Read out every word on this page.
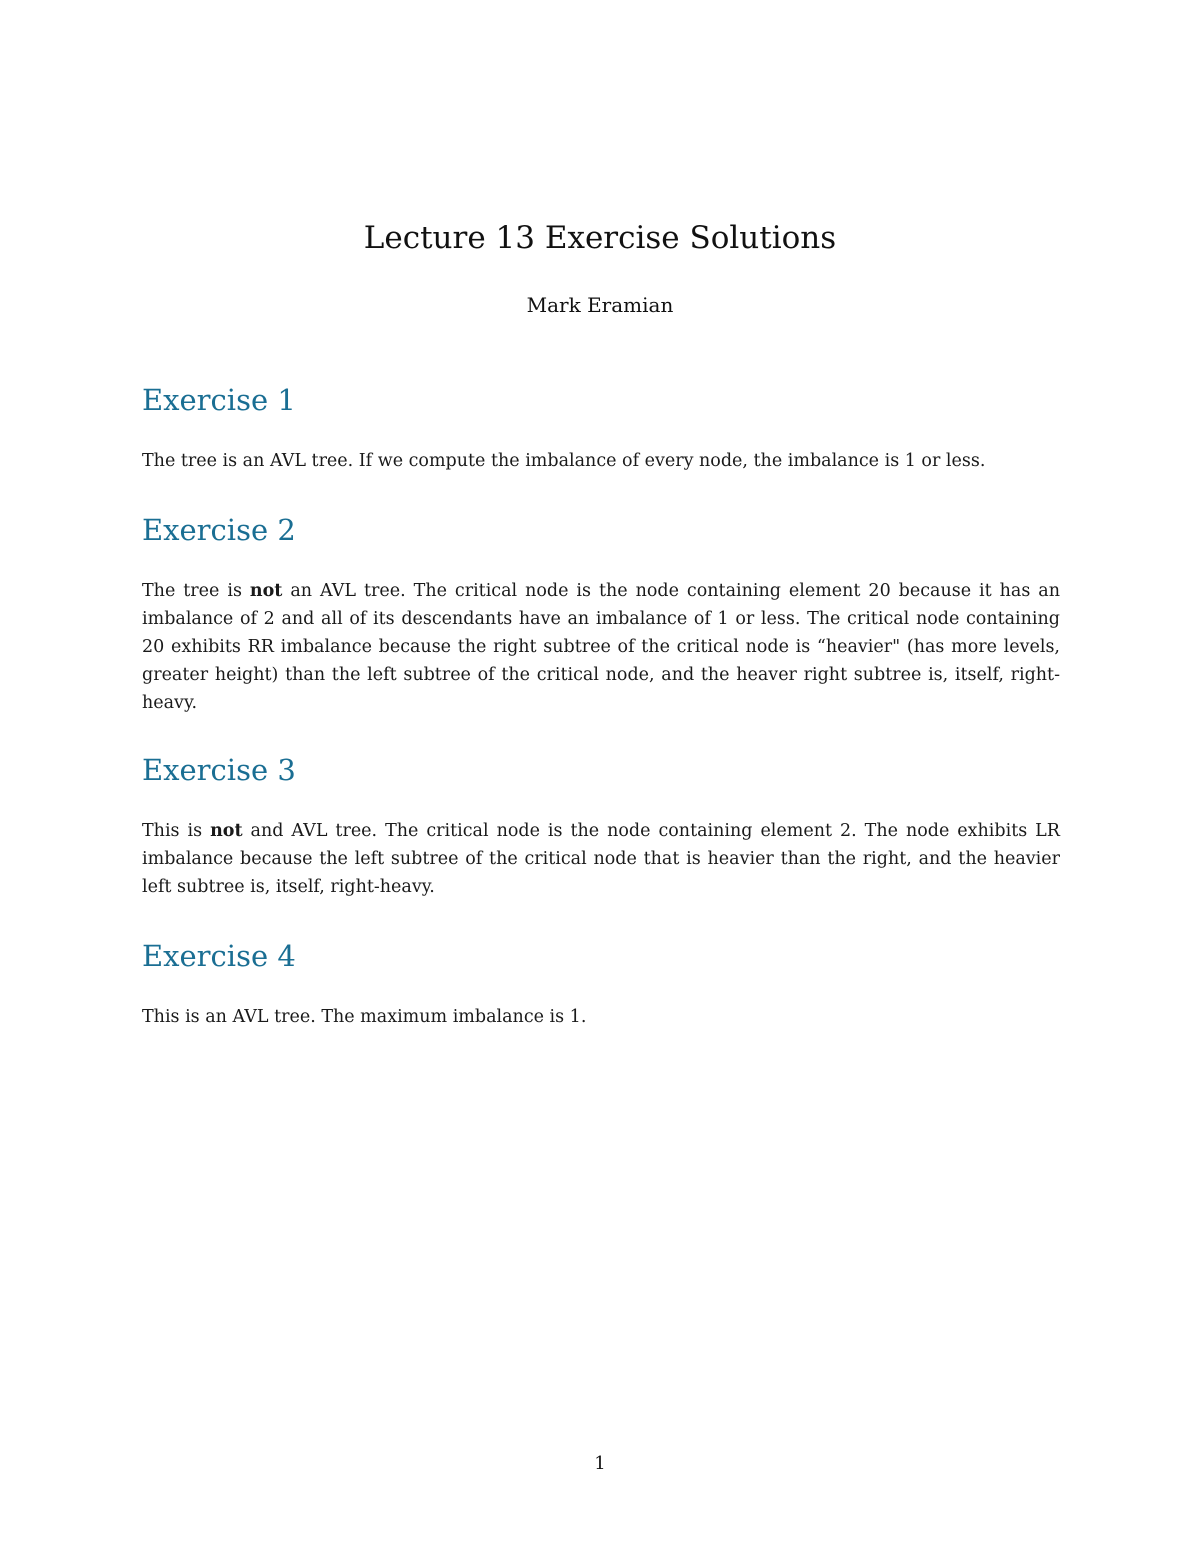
Lecture 13 Exercise Solutions
Mark Eramian
Exercise 1

The tree is an AVL tree. If we compute the imbalance of every node, the imbalance is 1 or less.

Exercise 2

The tree is not an AVL tree. The critical node is the node containing element 20 because it has an imbalance of 2 and all of its descendants have an imbalance of 1 or less. The critical node containing 20 exhibits RR imbalance because the right subtree of the critical node is “heavier" (has more levels, greater height) than the left subtree of the critical node, and the heaver right subtree is, itself, right-heavy.

Exercise 3

This is not and AVL tree. The critical node is the node containing element 2. The node exhibits LR imbalance because the left subtree of the critical node that is heavier than the right, and the heavier left subtree is, itself, right-heavy.

Exercise 4

This is an AVL tree. The maximum imbalance is 1.

1
